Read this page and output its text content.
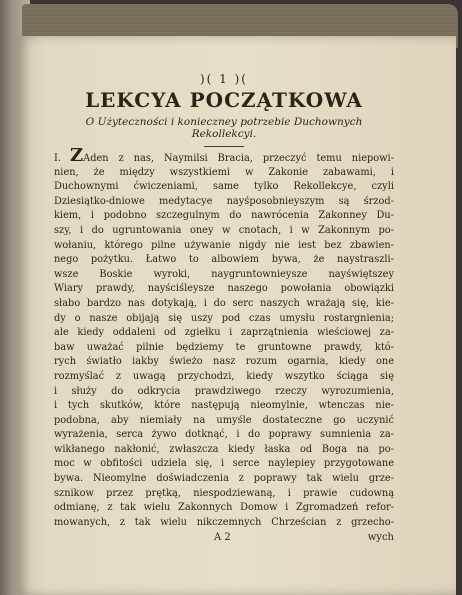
)( 1 )(
LEKCYA POCZĄTKOWA
O Użyteczności i konieczney potrzebie Duchownych
Rekollekcyi.
I. ZAden z nas, Naymilsi Bracia, przeczyć temu niepowi-
nien, że między wszystkiemi w Zakonie zabawami, i
Duchownymi ćwiczeniami, same tylko Rekollekcye, czyli
Dziesiątko-dniowe medytacye nayśposobnieyszym są śrzod-
kiem, i podobno szczegulnym do nawrócenia Zakonney Du-
szy, i do ugruntowania oney w cnotach, i w Zakonnym po-
wołaniu, którego pilne używanie nigdy nie iest bez zbawien-
nego pożytku. Łatwo to albowiem bywa, że naystraszli-
wsze Boskie wyroki, naygruntownieysze nayświętszey
Wiary prawdy, nayściśleysze naszego powołania obowiązki
słabo bardzo nas dotykają, i do serc naszych wrażają się, kie-
dy o nasze obijają się uszy pod czas umysłu rostargnienia;
ale kiedy oddaleni od zgiełku i zaprzątnienia wieściowej za-
baw uważać pilnie będziemy te gruntowne prawdy, któ-
rych światło iakby świeżo nasz rozum ogarnia, kiedy one
rozmyślać z uwagą przychodzi, kiedy wszytko ściąga się
i służy do odkrycia prawdziwego rzeczy wyrozumienia,
i tych skutków, które następują nieomylnie, wtenczas nie-
podobna, aby niemiały na umyśle dostateczne go uczynić
wyrażenia, serca żywo dotknąć, i do poprawy sumnienia za-
wikłanego nakłonić, zwłaszcza kiedy łaska od Boga na po-
moc w obfitości udziela się, i serce naylepiey przygotowane
bywa. Nieomylne doświadczenia z poprawy tak wielu grze-
sznikow przez prętką, niespodziewaną, i prawie cudowną
odmianę, z tak wielu Zakonnych Domow i Zgromadzeń refor-
mowanych, z tak wielu nikczemnych Chrześcian z grzecho-
A 2	wych
